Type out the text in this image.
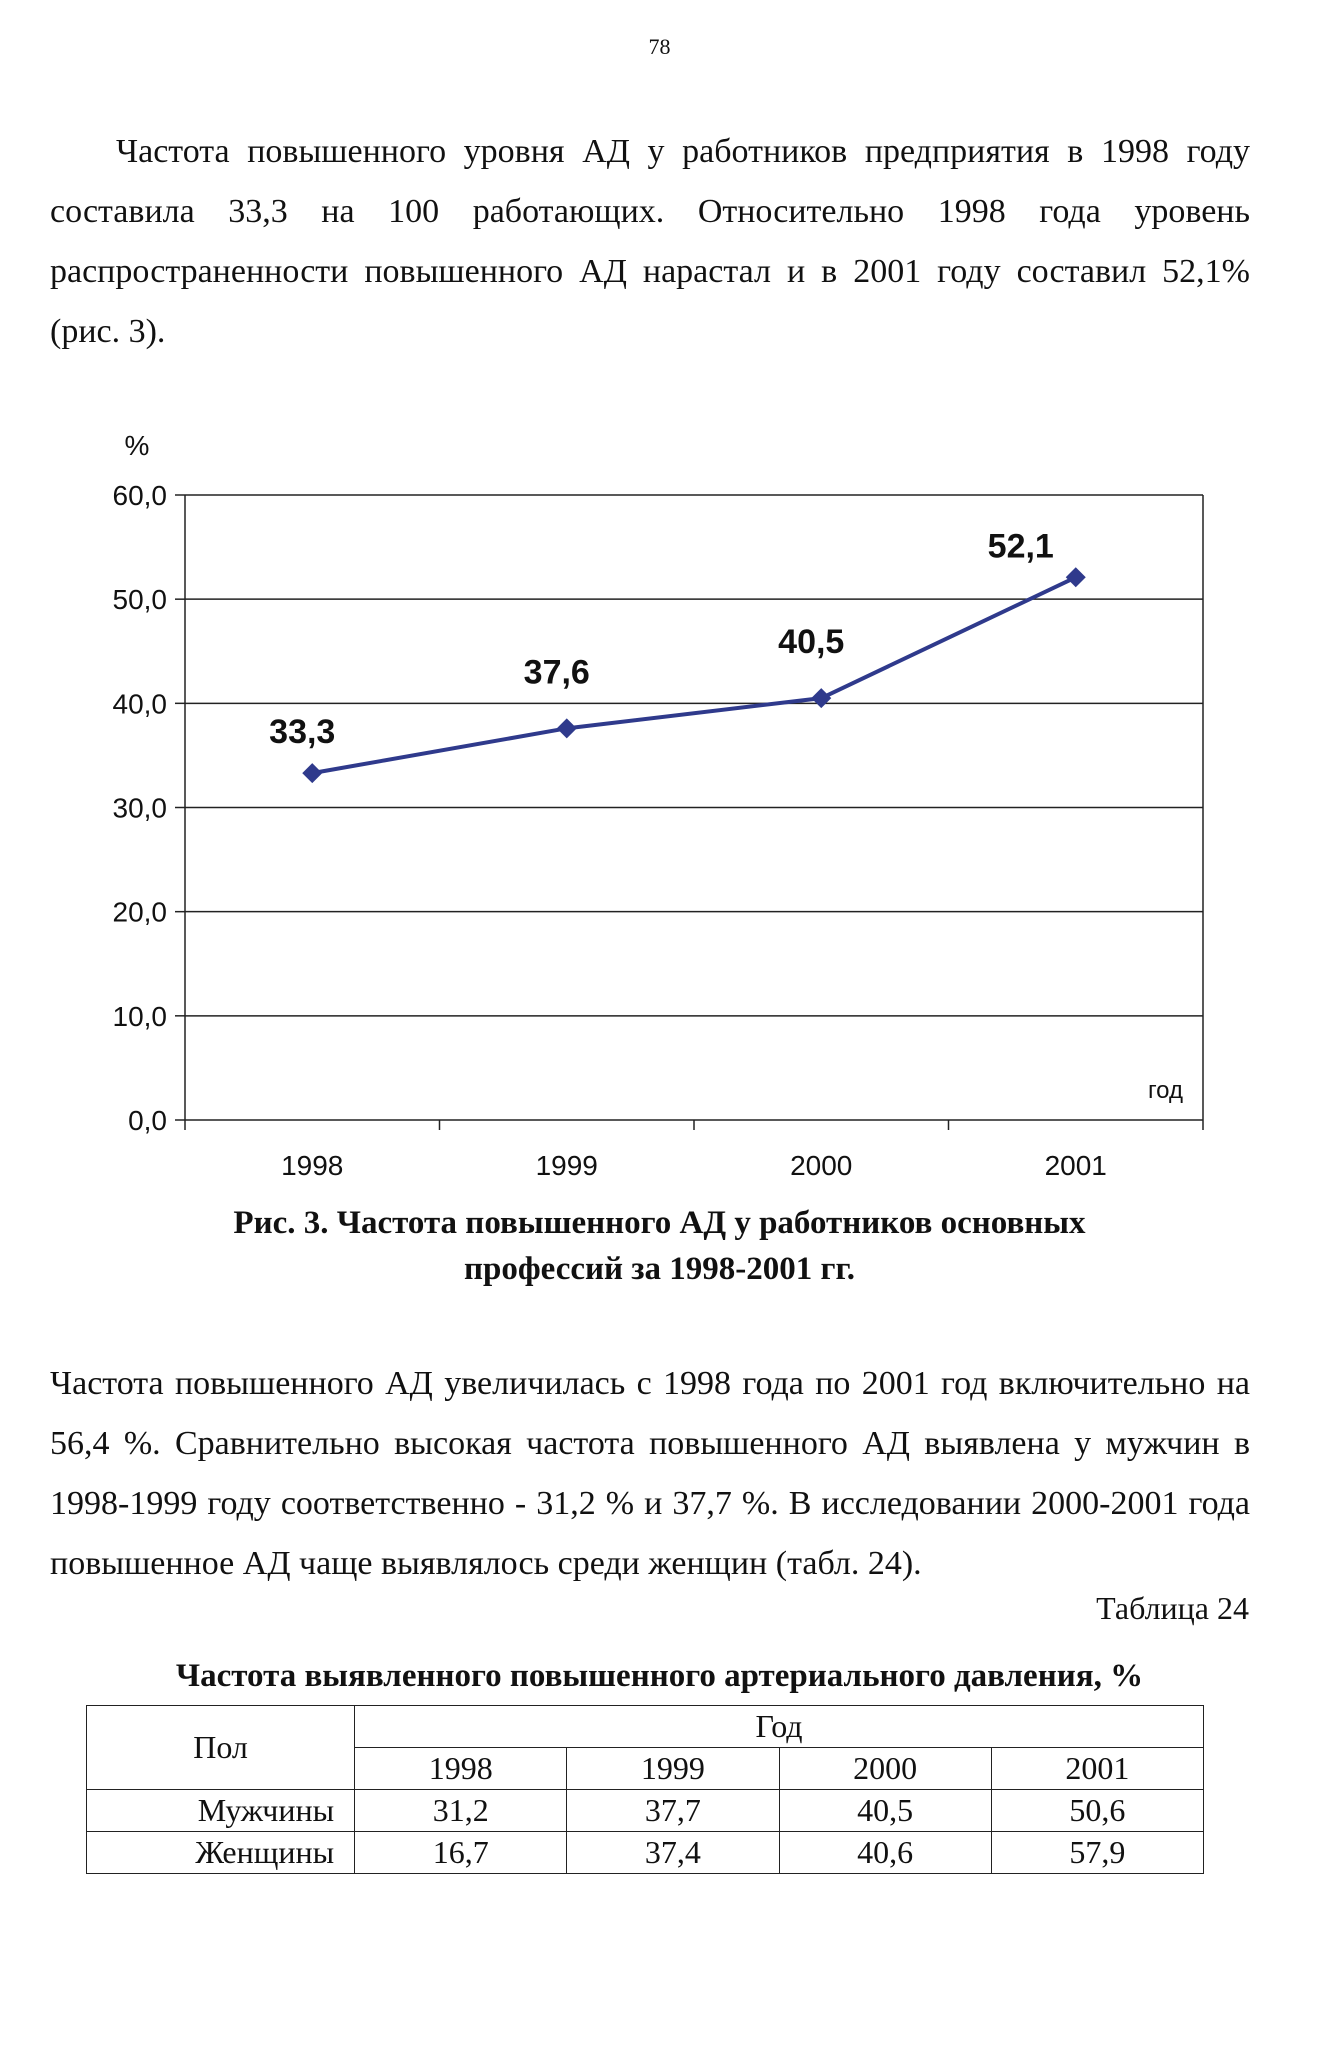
78

Частота повышенного уровня АД у работников предприятия в 1998 году составила 33,3 на 100 работающих. Относительно 1998 года уровень распространенности повышенного АД нарастал и в 2001 году составил 52,1% (рис. 3).

0,0
10,0
20,0
30,0
40,0
50,0
60,0
1998	1999	2000	2001
%
год
33,3
37,6
40,5
52,1
Рис. 3. Частота повышенного АД у работников основных
профессий за 1998-2001 гг.

Частота повышенного АД увеличилась с 1998 года по 2001 год включительно на 56,4 %. Сравнительно высокая частота повышенного АД выявлена у мужчин в 1998-1999 году соответственно - 31,2 % и 37,7 %. В исследовании 2000-2001 года повышенное АД чаще выявлялось среди женщин (табл. 24).

Таблица 24
Частота выявленного повышенного артериального давления, %
Пол	Год			
	1998	1999	2000	2001
Мужчины	31,2	37,7	40,5	50,6
Женщины	16,7	37,4	40,6	57,9
